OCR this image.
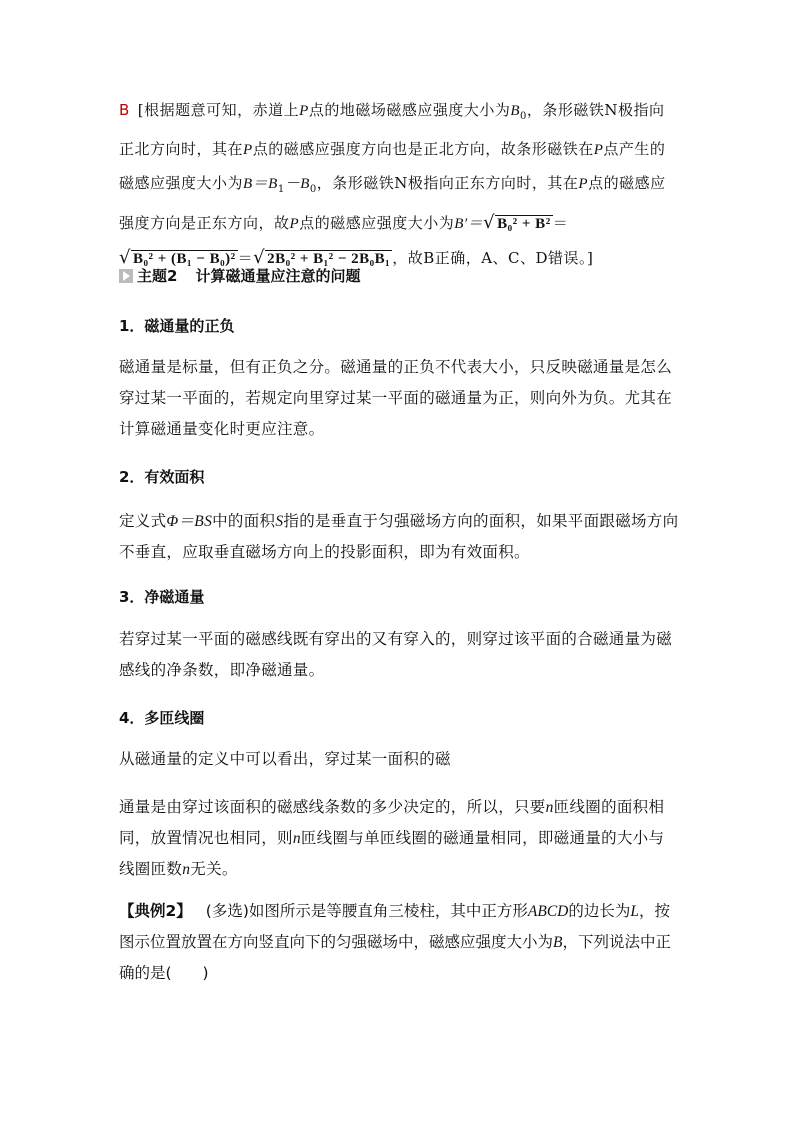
B [根据题意可知，赤道上P点的地磁场磁感应强度大小为$B_0$，条形磁铁N极指向正北方向时，其在P点的磁感应强度方向也是正北方向，故条形磁铁在P点产生的磁感应强度大小为$B=B_1-B_0$，条形磁铁N极指向正东方向时，其在P点的磁感应强度方向是正东方向，故P点的磁感应强度大小为B′＝√ B₀² + B² ＝ √ B₀² + (B₁ − B₀)² ＝√ 2B₀² + B₁² − 2B₀B₁ ，故B正确，A、C、D错误。]
主题2 计算磁通量应注意的问题
1．磁通量的正负
磁通量是标量，但有正负之分。磁通量的正负不代表大小，只反映磁通量是怎么穿过某一平面的，若规定向里穿过某一平面的磁通量为正，则向外为负。尤其在计算磁通量变化时更应注意。
2．有效面积
定义式Φ＝BS中的面积S指的是垂直于匀强磁场方向的面积，如果平面跟磁场方向不垂直，应取垂直磁场方向上的投影面积，即为有效面积。
3．净磁通量
若穿过某一平面的磁感线既有穿出的又有穿入的，则穿过该平面的合磁通量为磁感线的净条数，即净磁通量。
4．多匝线圈
从磁通量的定义中可以看出，穿过某一面积的磁
通量是由穿过该面积的磁感线条数的多少决定的，所以，只要n匝线圈的面积相同，放置情况也相同，则n匝线圈与单匝线圈的磁通量相同，即磁通量的大小与线圈匝数n无关。
【典例2】 (多选)如图所示是等腰直角三棱柱，其中正方形ABCD的边长为L，按图示位置放置在方向竖直向下的匀强磁场中，磁感应强度大小为B，下列说法中正确的是(　　)
